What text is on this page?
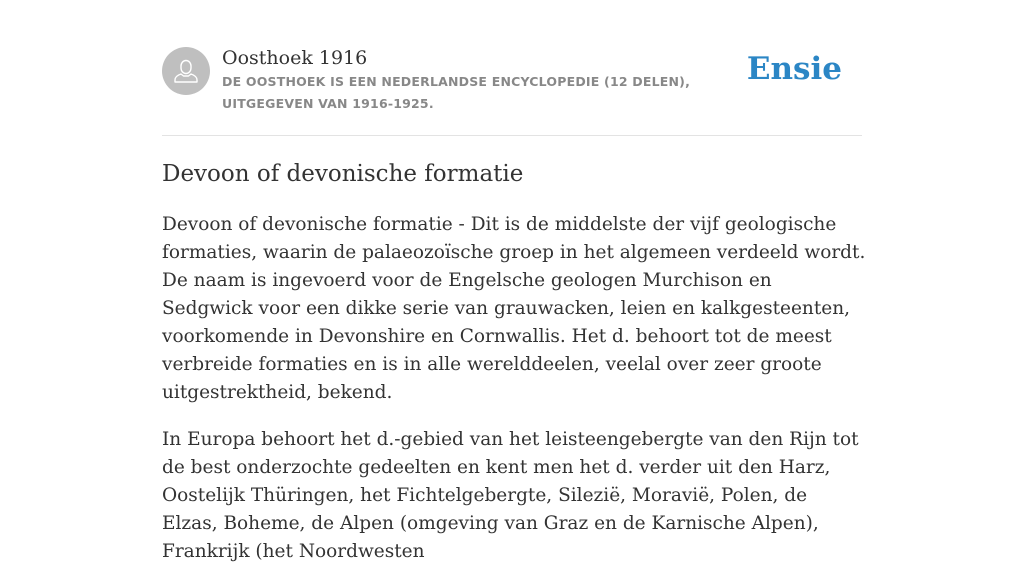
Oosthoek 1916
DE OOSTHOEK IS EEN NEDERLANDSE ENCYCLOPEDIE (12 DELEN), UITGEGEVEN VAN 1916-1925.
Ensie
Devoon of devonische formatie

Devoon of devonische formatie - Dit is de middelste der vijf geologische formaties, waarin de palaeozoïsche groep in het algemeen verdeeld wordt. De naam is ingevoerd voor de Engelsche geologen Murchison en Sedgwick voor een dikke serie van grauwacken, leien en kalkgesteenten, voorkomende in Devonshire en Cornwallis. Het d. behoort tot de meest verbreide formaties en is in alle werelddeelen, veelal over zeer groote uitgestrektheid, bekend.

In Europa behoort het d.-gebied van het leisteengebergte van den Rijn tot de best onderzochte gedeelten en kent men het d. verder uit den Harz, Oostelijk Thüringen, het Fichtelgebergte, Silezië, Moravië, Polen, de Elzas, Boheme, de Alpen (omgeving van Graz en de Karnische Alpen), Frankrijk (het Noordwesten
